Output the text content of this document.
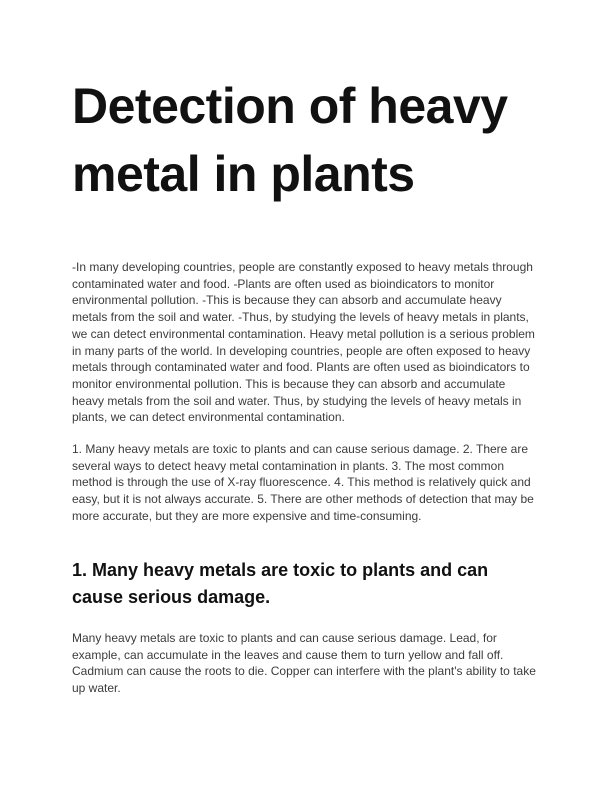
Detection of heavy metal in plants

-In many developing countries, people are constantly exposed to heavy metals through contaminated water and food. -Plants are often used as bioindicators to monitor environmental pollution. -This is because they can absorb and accumulate heavy metals from the soil and water. -Thus, by studying the levels of heavy metals in plants, we can detect environmental contamination. Heavy metal pollution is a serious problem in many parts of the world. In developing countries, people are often exposed to heavy metals through contaminated water and food. Plants are often used as bioindicators to monitor environmental pollution. This is because they can absorb and accumulate heavy metals from the soil and water. Thus, by studying the levels of heavy metals in plants, we can detect environmental contamination.

1. Many heavy metals are toxic to plants and can cause serious damage. 2. There are several ways to detect heavy metal contamination in plants. 3. The most common method is through the use of X-ray fluorescence. 4. This method is relatively quick and easy, but it is not always accurate. 5. There are other methods of detection that may be more accurate, but they are more expensive and time-consuming.

1. Many heavy metals are toxic to plants and can cause serious damage.

Many heavy metals are toxic to plants and can cause serious damage. Lead, for example, can accumulate in the leaves and cause them to turn yellow and fall off. Cadmium can cause the roots to die. Copper can interfere with the plant's ability to take up water.
